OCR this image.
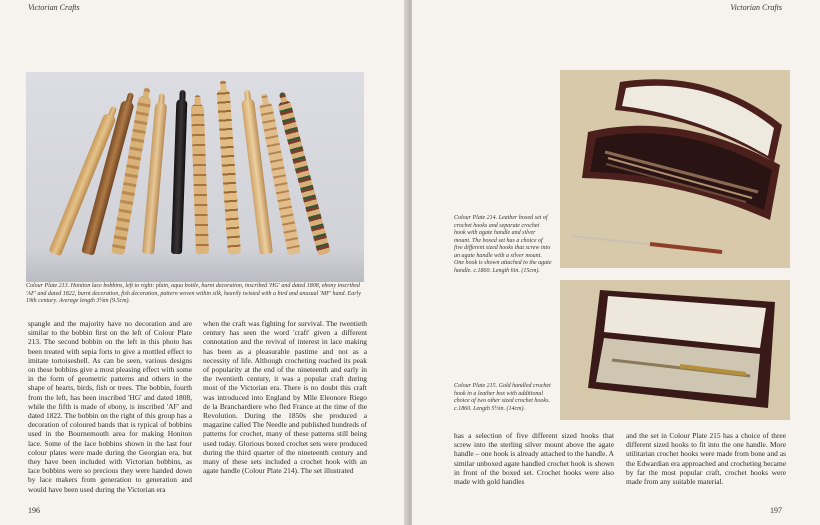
Victorian Crafts
Colour Plate 213. Honiton lace bobbins, left to right: plain, aqua bottle, burnt decoration, inscribed 'HG' and dated 1808, ebony inscribed 'AF' and dated 1822, burnt decoration, fish decoration, pattern woven within silk, heavily twisted with a bird and unusual 'MF' hand. Early 19th century. Average length 3¼in (9.5cm).

spangle and the majority have no decoration and are similar to the bobbin first on the left of Colour Plate 213. The second bobbin on the left in this photo has been treated with sepia forts to give a mottled effect to imitate tortoiseshell. As can be seen, various designs on these bobbins give a most pleasing effect with some in the form of geometric patterns and others in the shape of hearts, birds, fish or trees. The bobbin, fourth from the left, has been inscribed 'HG' and dated 1808, while the fifth is made of ebony, is inscribed 'AF' and dated 1822. The bobbin on the right of this group has a decoration of coloured bands that is typical of bobbins used in the Bournemouth area for making Honiton lace. Some of the lace bobbins shown in the last four colour plates were made during the Georgian era, but they have been included with Victorian bobbins, as lace bobbins were so precious they were handed down by lace makers from generation to generation and would have been used during the Victorian era

when the craft was fighting for survival. The twentieth century has seen the word 'craft' given a different connotation and the revival of interest in lace making has been as a pleasurable pastime and not as a necessity of life. Although crocheting reached its peak of popularity at the end of the nineteenth and early in the twentieth century, it was a popular craft during most of the Victorian era. There is no doubt this craft was introduced into England by Mlle Eleonore Riego de la Branchardiere who fled France at the time of the Revolution. During the 1850s she produced a magazine called The Needle and published hundreds of patterns for crochet, many of these patterns still being used today. Glorious boxed crochet sets were produced during the third quarter of the nineteenth century and many of these sets included a crochet hook with an agate handle (Colour Plate 214). The set illustrated

196
Victorian Crafts
Colour Plate 214. Leather boxed set of crochet hooks and separate crochet hook with agate handle and silver mount. The boxed set has a choice of five different sized hooks that screw into an agate handle with a silver mount. One hook is shown attached to the agate handle. c.1860. Length 6in. (15cm).
Colour Plate 215. Gold handled crochet hook in a leather box with additional choice of two other sized crochet hooks. c.1860. Length 5½in. (14cm).

has a selection of five different sized hooks that screw into the sterling silver mount above the agate handle – one hook is already attached to the handle. A similar unboxed agate handled crochet hook is shown in front of the boxed set. Crochet hooks were also made with gold handles

and the set in Colour Plate 215 has a choice of three different sized hooks to fit into the one handle. More utilitarian crochet hooks were made from bone and as the Edwardian era approached and crocheting became by far the most popular craft, crochet hooks were made from any suitable material.

197
